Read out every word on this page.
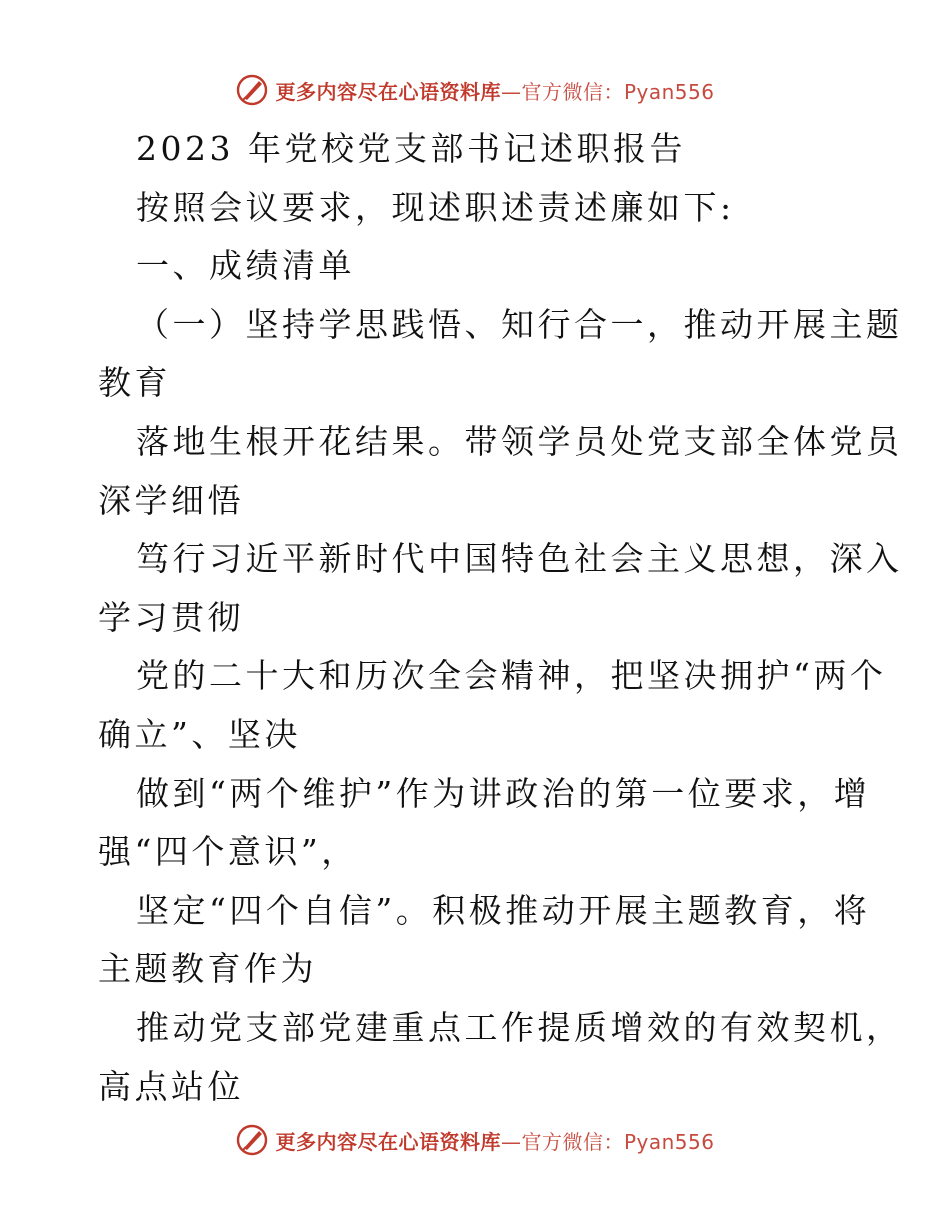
更多内容尽在心语资料库—官方微信：Pyan556
2023 年党校党支部书记述职报告
按照会议要求，现述职述责述廉如下:
一、成绩清单
（一）坚持学思践悟、知行合一，推动开展主题
教育
落地生根开花结果。带领学员处党支部全体党员
深学细悟
笃行习近平新时代中国特色社会主义思想，深入
学习贯彻
党的二十大和历次全会精神，把坚决拥护“两个
确立”、坚决
做到“两个维护”作为讲政治的第一位要求，增
强“四个意识”，
坚定“四个自信”。积极推动开展主题教育，将
主题教育作为
推动党支部党建重点工作提质增效的有效契机，
高点站位
更多内容尽在心语资料库—官方微信：Pyan556
